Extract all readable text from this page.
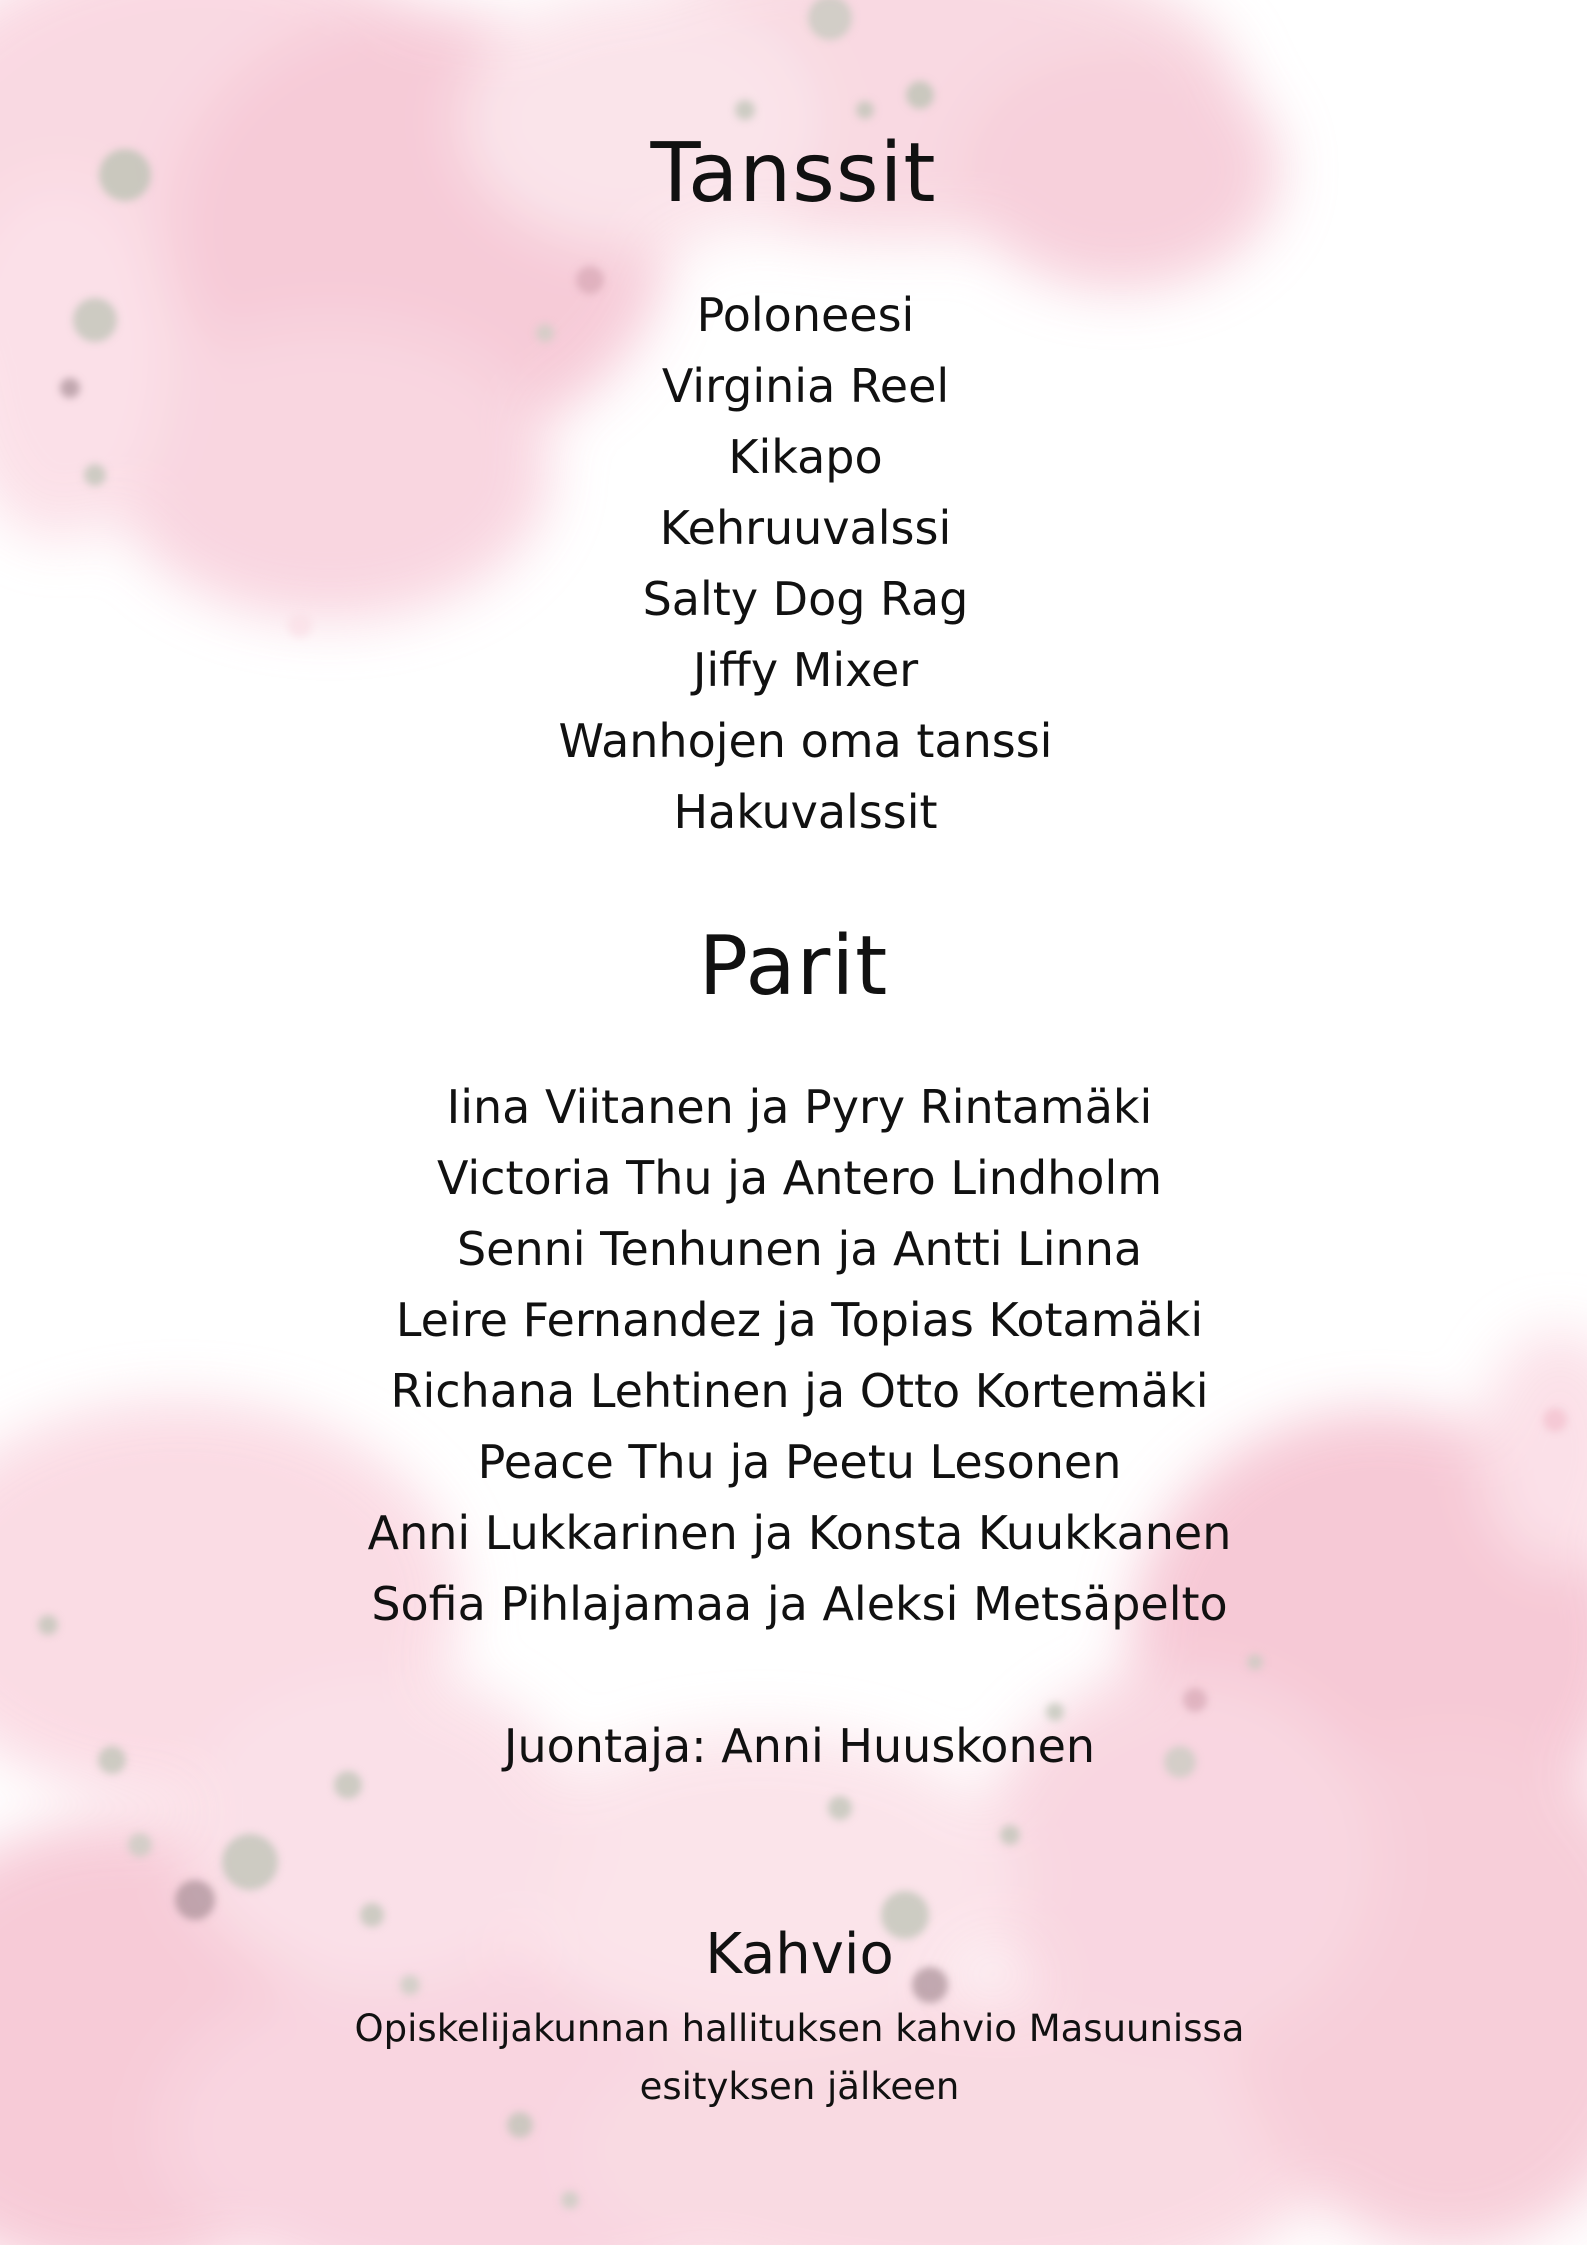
Tanssit
Poloneesi
Virginia Reel
Kikapo
Kehruuvalssi
Salty Dog Rag
Jiffy Mixer
Wanhojen oma tanssi
Hakuvalssit
Parit
Iina Viitanen ja Pyry Rintamäki
Victoria Thu ja Antero Lindholm
Senni Tenhunen ja Antti Linna
Leire Fernandez ja Topias Kotamäki
Richana Lehtinen ja Otto Kortemäki
Peace Thu ja Peetu Lesonen
Anni Lukkarinen ja Konsta Kuukkanen
Sofia Pihlajamaa ja Aleksi Metsäpelto

Juontaja: Anni Huuskonen

Kahvio

Opiskelijakunnan hallituksen kahvio Masuunissa
esityksen jälkeen
